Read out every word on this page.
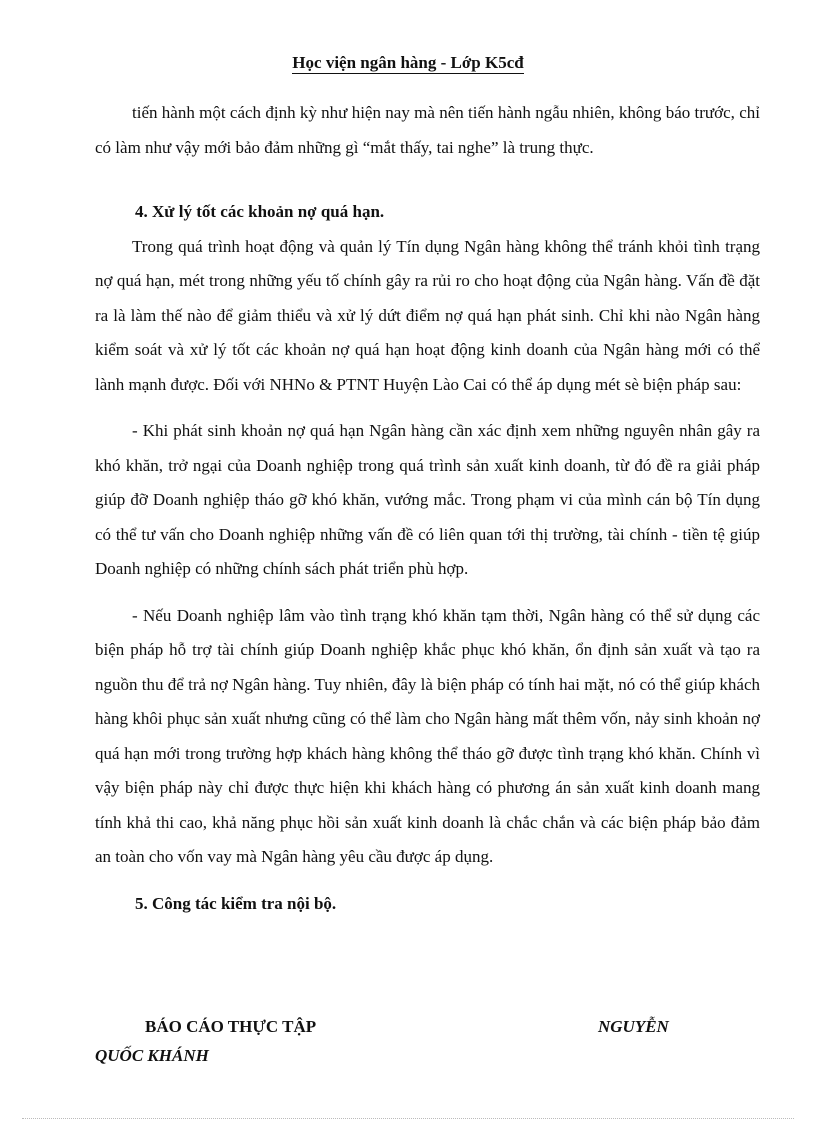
Học viện ngân hàng - Lớp K5cđ

tiến hành một cách định kỳ như hiện nay mà nên tiến hành ngẫu nhiên, không báo trước, chỉ có làm như vậy mới bảo đảm những gì “mắt thấy, tai nghe” là trung thực.

4. Xử lý tốt các khoản nợ quá hạn.

Trong quá trình hoạt động và quản lý Tín dụng Ngân hàng không thể tránh khỏi tình trạng nợ quá hạn, mét trong những yếu tố chính gây ra rủi ro cho hoạt động của Ngân hàng. Vấn đề đặt ra là làm thế nào để giảm thiểu và xử lý dứt điểm nợ quá hạn phát sinh. Chỉ khi nào Ngân hàng kiểm soát và xử lý tốt các khoản nợ quá hạn hoạt động kinh doanh của Ngân hàng mới có thể lành mạnh được. Đối với NHNo & PTNT Huyện Lào Cai có thể áp dụng mét sè biện pháp sau:

- Khi phát sinh khoản nợ quá hạn Ngân hàng cần xác định xem những nguyên nhân gây ra khó khăn, trở ngại của Doanh nghiệp trong quá trình sản xuất kinh doanh, từ đó đề ra giải pháp giúp đỡ Doanh nghiệp tháo gỡ khó khăn, vướng mắc. Trong phạm vi của mình cán bộ Tín dụng có thể tư vấn cho Doanh nghiệp những vấn đề có liên quan tới thị trường, tài chính - tiền tệ giúp Doanh nghiệp có những chính sách phát triển phù hợp.

- Nếu Doanh nghiệp lâm vào tình trạng khó khăn tạm thời, Ngân hàng có thể sử dụng các biện pháp hỗ trợ tài chính giúp Doanh nghiệp khắc phục khó khăn, ổn định sản xuất và tạo ra nguồn thu để trả nợ Ngân hàng. Tuy nhiên, đây là biện pháp có tính hai mặt, nó có thể giúp khách hàng khôi phục sản xuất nhưng cũng có thể làm cho Ngân hàng mất thêm vốn, nảy sinh khoản nợ quá hạn mới trong trường hợp khách hàng không thể tháo gỡ được tình trạng khó khăn. Chính vì vậy biện pháp này chỉ được thực hiện khi khách hàng có phương án sản xuất kinh doanh mang tính khả thi cao, khả năng phục hồi sản xuất kinh doanh là chắc chắn và các biện pháp bảo đảm an toàn cho vốn vay mà Ngân hàng yêu cầu được áp dụng.

5. Công tác kiểm tra nội bộ.

BÁO CÁO THỰC TẬP	NGUYỄN
QUỐC KHÁNH
